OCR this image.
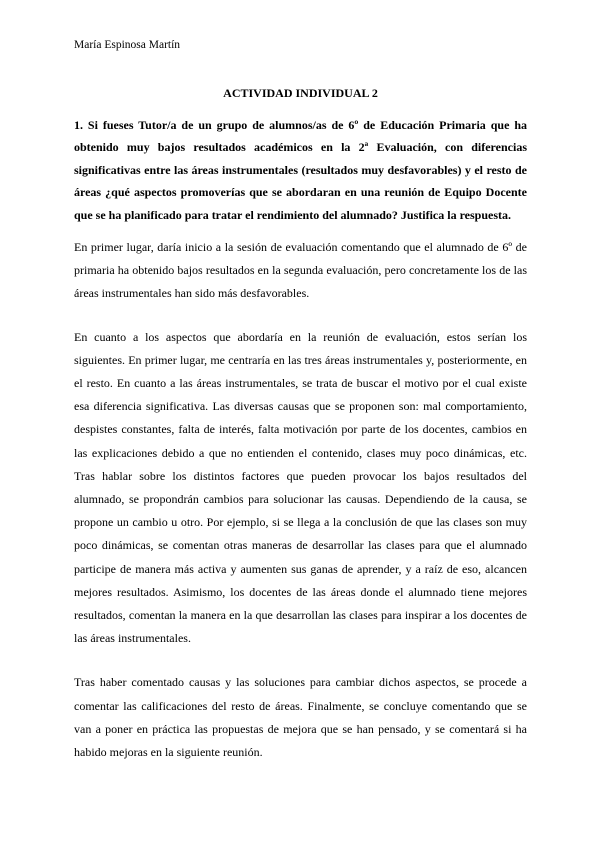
María Espinosa Martín

ACTIVIDAD INDIVIDUAL 2

1. Si fueses Tutor/a de un grupo de alumnos/as de 6º de Educación Primaria que ha obtenido muy bajos resultados académicos en la 2ª Evaluación, con diferencias significativas entre las áreas instrumentales (resultados muy desfavorables) y el resto de áreas ¿qué aspectos promoverías que se abordaran en una reunión de Equipo Docente que se ha planificado para tratar el rendimiento del alumnado? Justifica la respuesta.

En primer lugar, daría inicio a la sesión de evaluación comentando que el alumnado de 6º de primaria ha obtenido bajos resultados en la segunda evaluación, pero concretamente los de las áreas instrumentales han sido más desfavorables.

En cuanto a los aspectos que abordaría en la reunión de evaluación, estos serían los siguientes. En primer lugar, me centraría en las tres áreas instrumentales y, posteriormente, en el resto. En cuanto a las áreas instrumentales, se trata de buscar el motivo por el cual existe esa diferencia significativa. Las diversas causas que se proponen son: mal comportamiento, despistes constantes, falta de interés, falta motivación por parte de los docentes, cambios en las explicaciones debido a que no entienden el contenido, clases muy poco dinámicas, etc. Tras hablar sobre los distintos factores que pueden provocar los bajos resultados del alumnado, se propondrán cambios para solucionar las causas. Dependiendo de la causa, se propone un cambio u otro. Por ejemplo, si se llega a la conclusión de que las clases son muy poco dinámicas, se comentan otras maneras de desarrollar las clases para que el alumnado participe de manera más activa y aumenten sus ganas de aprender, y a raíz de eso, alcancen mejores resultados. Asimismo, los docentes de las áreas donde el alumnado tiene mejores resultados, comentan la manera en la que desarrollan las clases para inspirar a los docentes de las áreas instrumentales.

Tras haber comentado causas y las soluciones para cambiar dichos aspectos, se procede a comentar las calificaciones del resto de áreas. Finalmente, se concluye comentando que se van a poner en práctica las propuestas de mejora que se han pensado, y se comentará si ha habido mejoras en la siguiente reunión.
